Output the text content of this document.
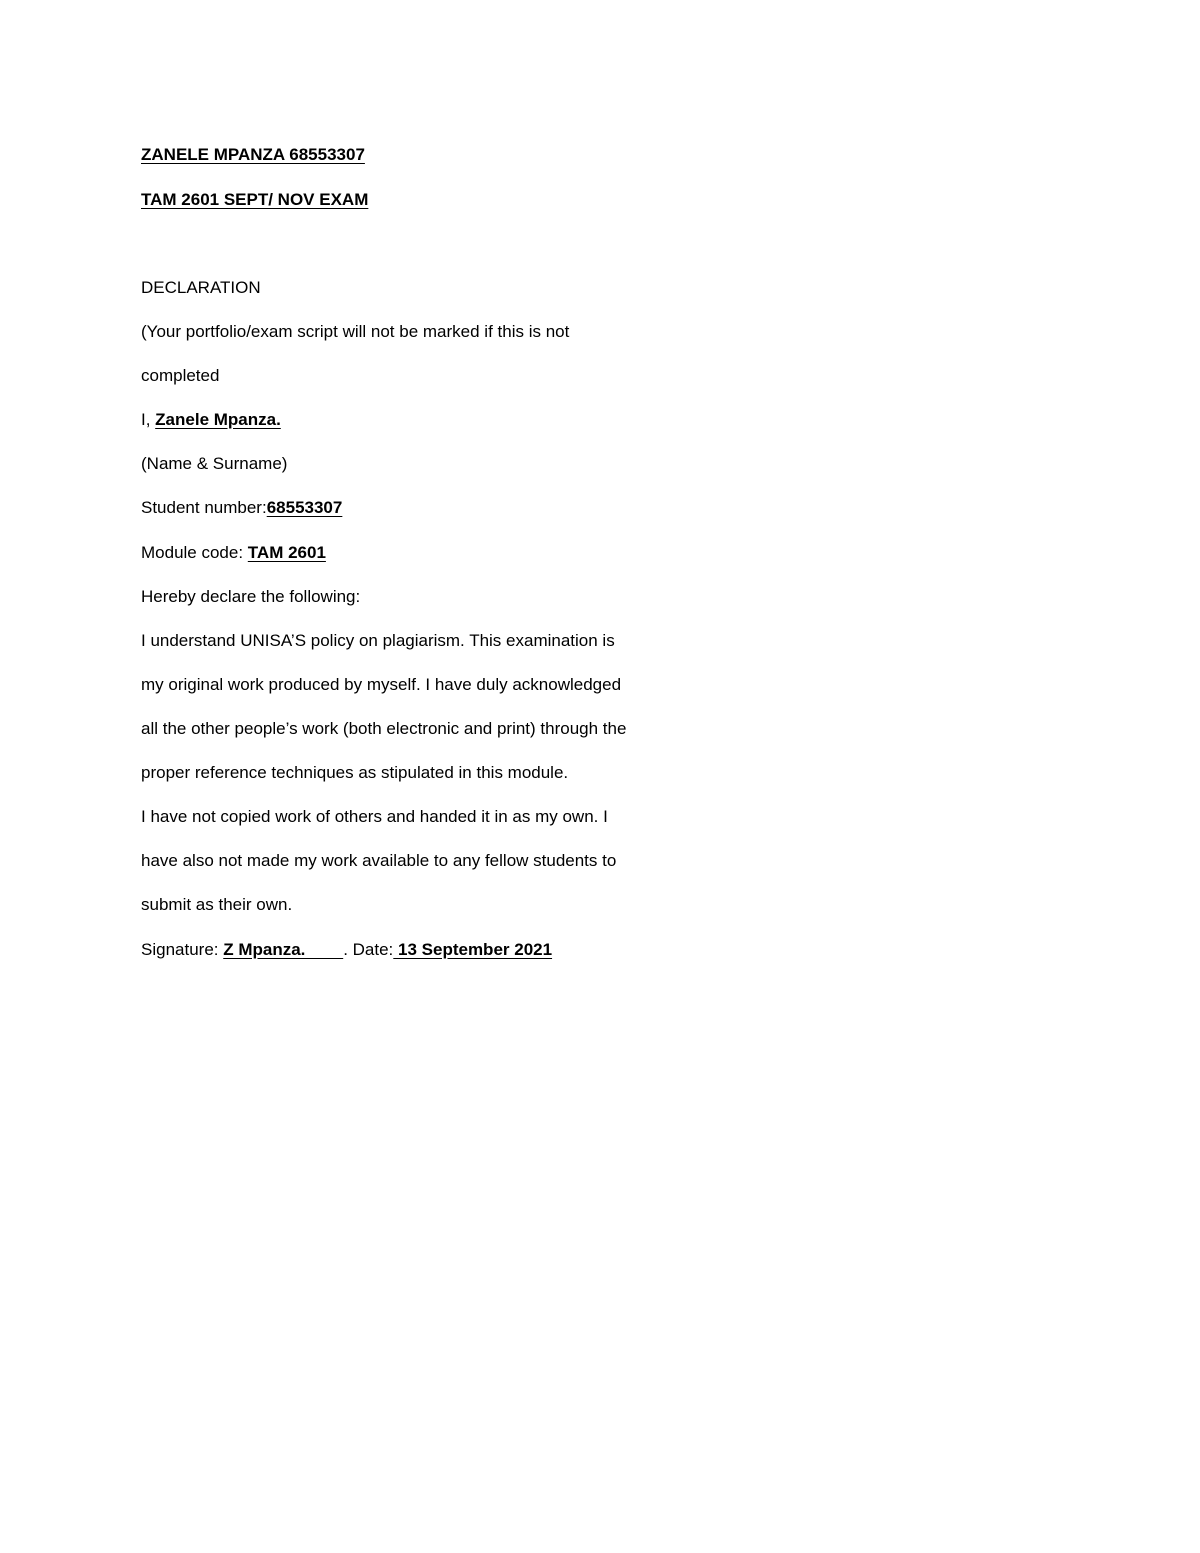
ZANELE MPANZA 68553307
TAM 2601 SEPT/ NOV EXAM
DECLARATION
(Your portfolio/exam script will not be marked if this is not
completed
I, Zanele Mpanza.
(Name & Surname)
Student number:68553307
Module code: TAM 2601
Hereby declare the following:
I understand UNISA’S policy on plagiarism. This examination is
my original work produced by myself. I have duly acknowledged
all the other people’s work (both electronic and print) through the
proper reference techniques as stipulated in this module.
I have not copied work of others and handed it in as my own. I
have also not made my work available to any fellow students to
submit as their own.
Signature: Z Mpanza.        . Date: 13 September 2021
